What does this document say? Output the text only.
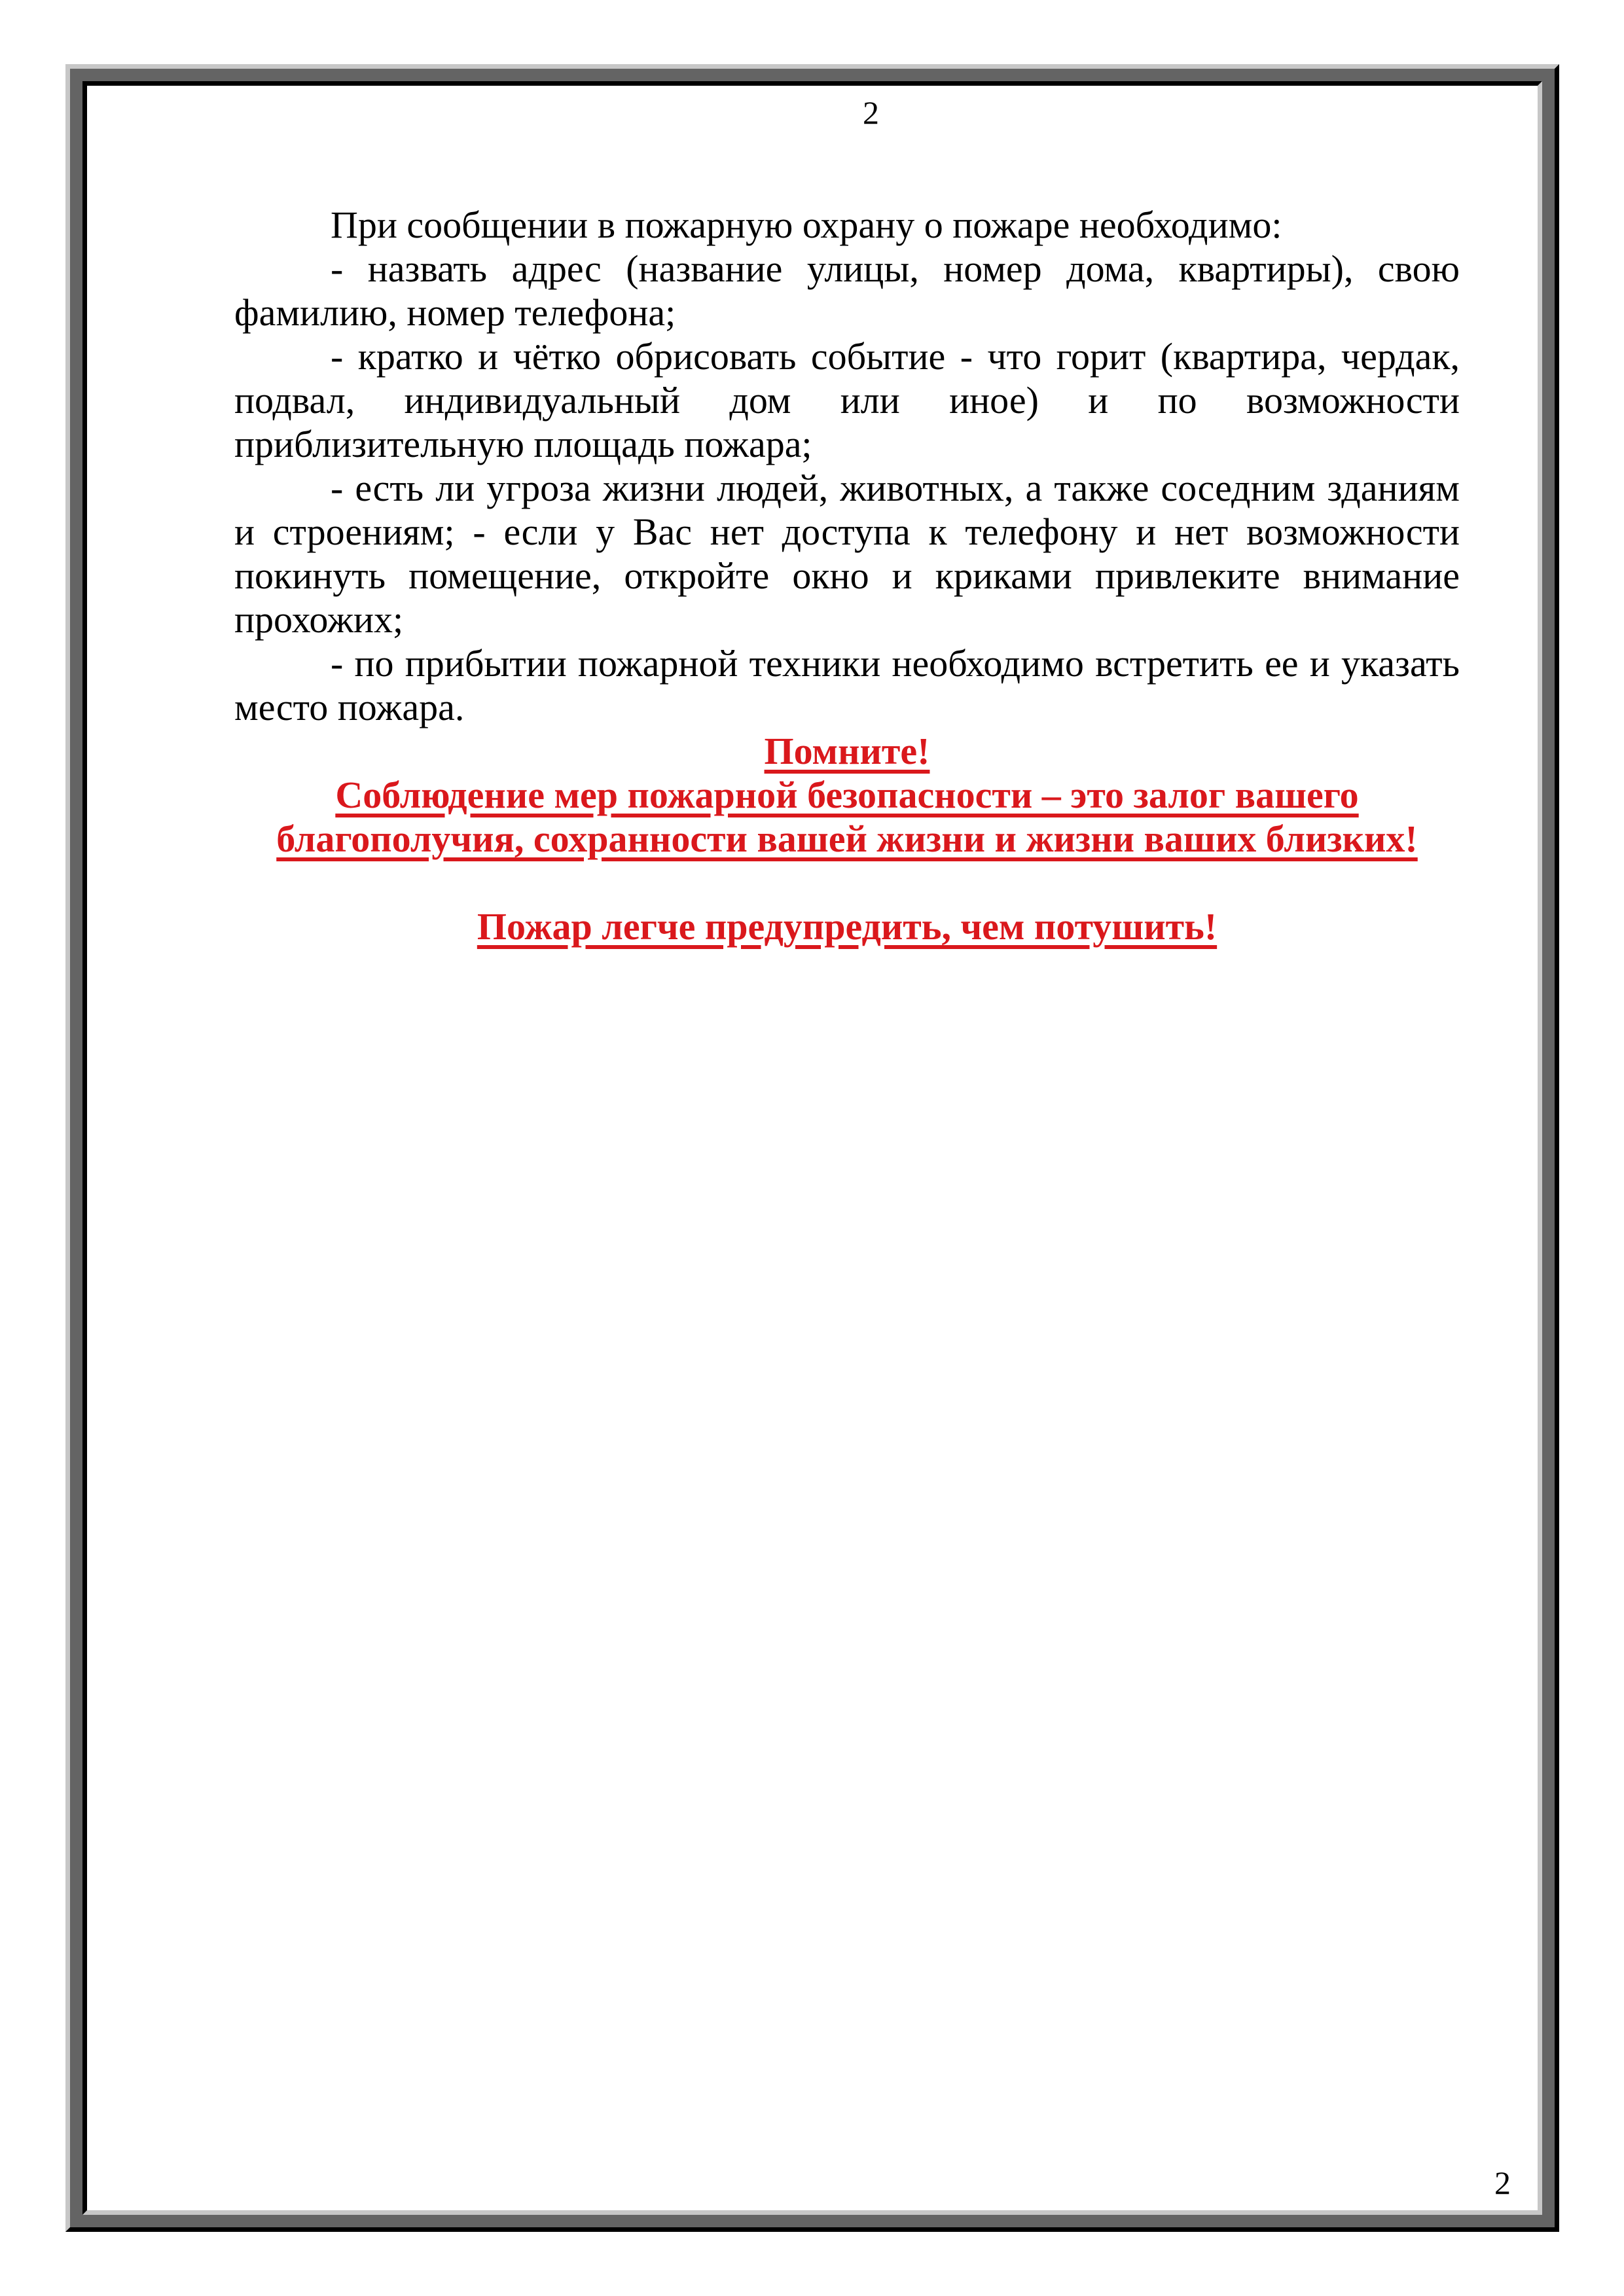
2
При сообщении в пожарную охрану о пожаре необходимо:
- назвать адрес (название улицы, номер дома, квартиры), свою
фамилию, номер телефона;
- кратко и чётко обрисовать событие - что горит (квартира, чердак,
подвал, индивидуальный дом или иное) и по возможности
приблизительную площадь пожара;
- есть ли угроза жизни людей, животных, а также соседним зданиям
и строениям; - если у Вас нет доступа к телефону и нет возможности
покинуть помещение, откройте окно и криками привлеките внимание
прохожих;
- по прибытии пожарной техники необходимо встретить ее и указать
место пожара.
Помните!
Соблюдение мер пожарной безопасности – это залог вашего
благополучия, сохранности вашей жизни и жизни ваших близких!
Пожар легче предупредить, чем потушить!
2
